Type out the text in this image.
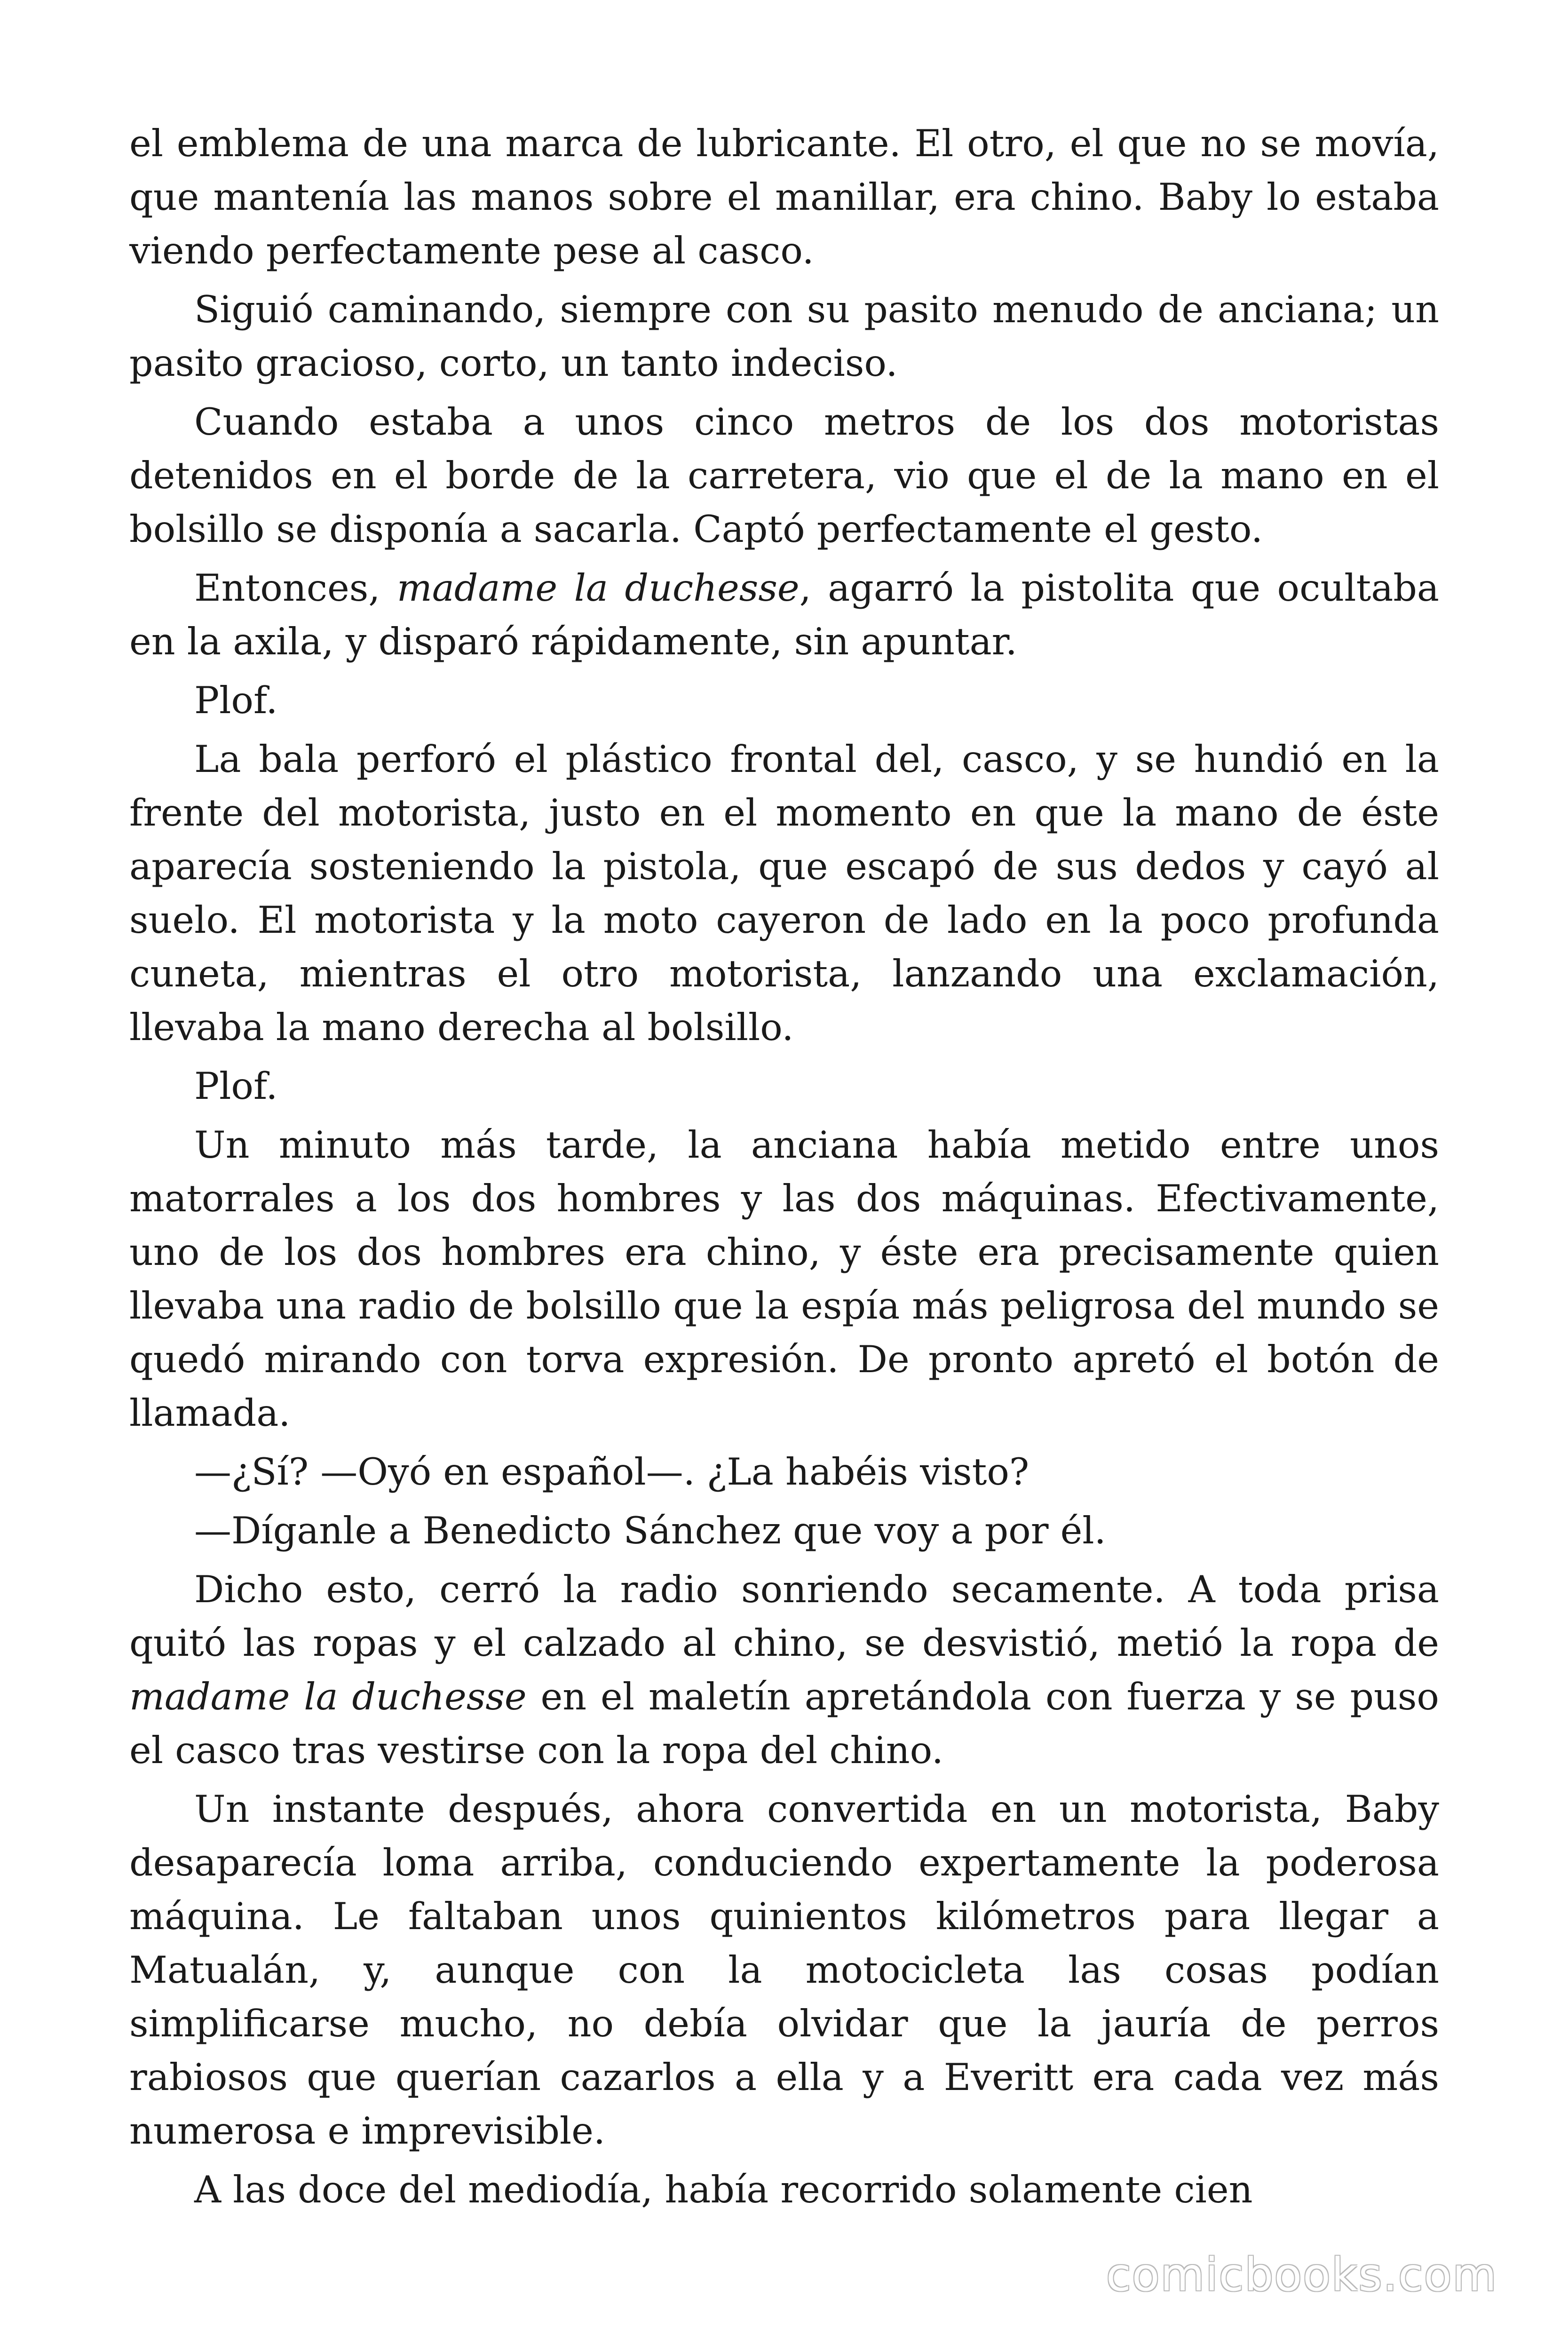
el emblema de una marca de lubricante. El otro, el que no se movía, que mantenía las manos sobre el manillar, era chino. Baby lo estaba viendo perfectamente pese al casco.

Siguió caminando, siempre con su pasito menudo de anciana; un pasito gracioso, corto, un tanto indeciso.

Cuando estaba a unos cinco metros de los dos motoristas detenidos en el borde de la carretera, vio que el de la mano en el bolsillo se disponía a sacarla. Captó perfectamente el gesto.

Entonces, madame la duchesse, agarró la pistolita que ocultaba en la axila, y disparó rápidamente, sin apuntar.

Plof.

La bala perforó el plástico frontal del, casco, y se hundió en la frente del motorista, justo en el momento en que la mano de éste aparecía sosteniendo la pistola, que escapó de sus dedos y cayó al suelo. El motorista y la moto cayeron de lado en la poco profunda cuneta, mientras el otro motorista, lanzando una exclamación, llevaba la mano derecha al bolsillo.

Plof.

Un minuto más tarde, la anciana había metido entre unos matorrales a los dos hombres y las dos máquinas. Efectivamente, uno de los dos hombres era chino, y éste era precisamente quien llevaba una radio de bolsillo que la espía más peligrosa del mundo se quedó mirando con torva expresión. De pronto apretó el botón de llamada.

—¿Sí? —Oyó en español—. ¿La habéis visto?

—Díganle a Benedicto Sánchez que voy a por él.

Dicho esto, cerró la radio sonriendo secamente. A toda prisa quitó las ropas y el calzado al chino, se desvistió, metió la ropa de madame la duchesse en el maletín apretándola con fuerza y se puso el casco tras vestirse con la ropa del chino.

Un instante después, ahora convertida en un motorista, Baby desaparecía loma arriba, conduciendo expertamente la poderosa máquina. Le faltaban unos quinientos kilómetros para llegar a Matualán, y, aunque con la motocicleta las cosas podían simplificarse mucho, no debía olvidar que la jauría de perros rabiosos que querían cazarlos a ella y a Everitt era cada vez más numerosa e imprevisible.

A las doce del mediodía, había recorrido solamente cien

comicbooks.com
